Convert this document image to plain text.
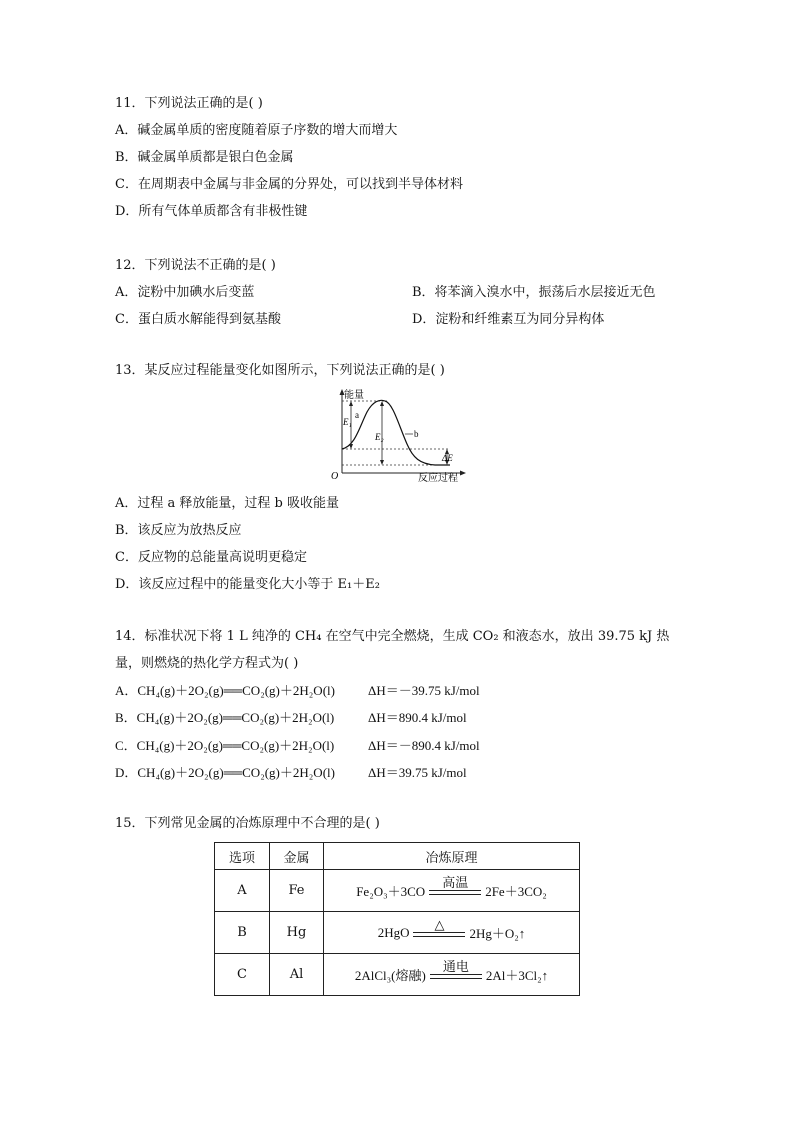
11．下列说法正确的是( )
A．碱金属单质的密度随着原子序数的增大而增大
B．碱金属单质都是银白色金属
C．在周期表中金属与非金属的分界处，可以找到半导体材料
D．所有气体单质都含有非极性键
12．下列说法不正确的是( )
A．淀粉中加碘水后变蓝	B．将苯滴入溴水中，振荡后水层接近无色
C．蛋白质水解能得到氨基酸	D．淀粉和纤维素互为同分异构体
13．某反应过程能量变化如图所示，下列说法正确的是( )
能量
a
E₁
E₂	b
ΔE
O	反应过程
A．过程 a 释放能量，过程 b 吸收能量
B．该反应为放热反应
C．反应物的总能量高说明更稳定
D．该反应过程中的能量变化大小等于 E₁＋E₂
14．标准状况下将 1 L 纯净的 CH₄ 在空气中完全燃烧，生成 CO₂ 和液态水，放出 39.75 kJ 热
量，则燃烧的热化学方程式为( )
A．CH₄(g)＋2O₂(g)══CO₂(g)＋2H₂O(l)	ΔH＝－39.75 kJ/mol
B．CH₄(g)＋2O₂(g)══CO₂(g)＋2H₂O(l)	ΔH＝890.4 kJ/mol
C．CH₄(g)＋2O₂(g)══CO₂(g)＋2H₂O(l)	ΔH＝－890.4 kJ/mol
D．CH₄(g)＋2O₂(g)══CO₂(g)＋2H₂O(l)	ΔH＝39.75 kJ/mol
15．下列常见金属的冶炼原理中不合理的是( )
选项	金属	冶炼原理
A	Fe	Fe₂O₃＋3CO
高温
2Fe＋3CO₂

B	Hg	2HgO △
2Hg＋O₂↑

C	Al	2AlCl₃(熔融)
通电
2Al＋3Cl₂↑
